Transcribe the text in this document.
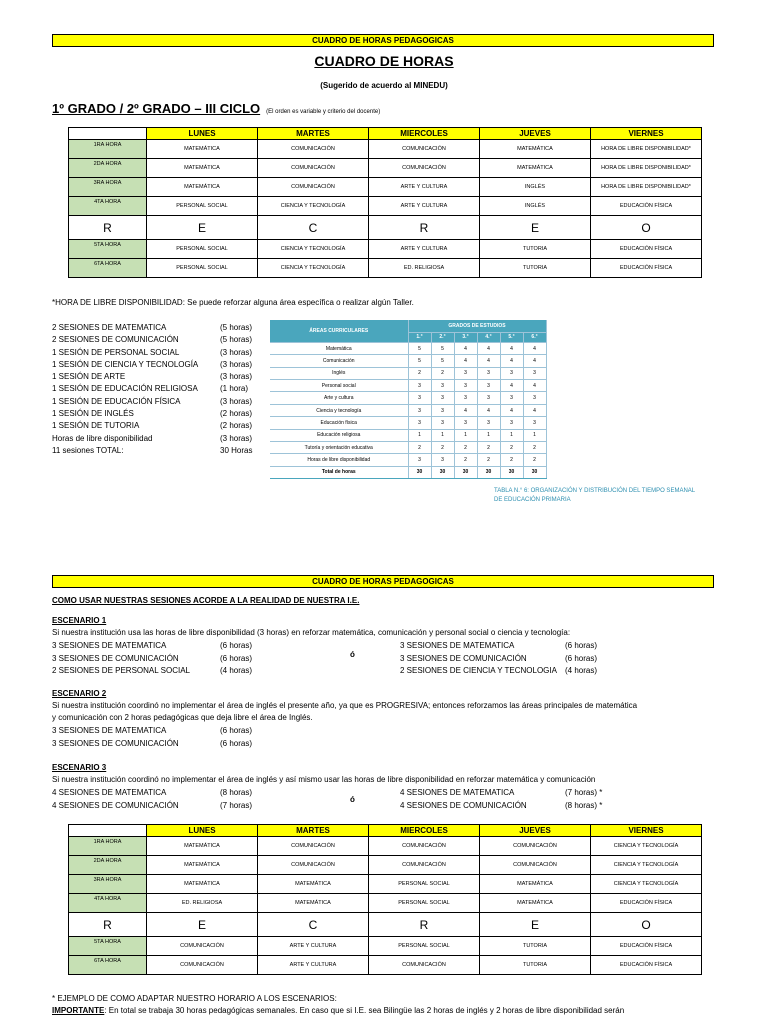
CUADRO DE HORAS PEDAGOGICAS
CUADRO DE HORAS
(Sugerido de acuerdo al MINEDU)
1º GRADO / 2º GRADO – III CICLO (El orden es variable y criterio del docente)
	LUNES	MARTES	MIERCOLES	JUEVES	VIERNES
1RA HORA	MATEMÁTICA	COMUNICACIÓN	COMUNICACIÓN	MATEMÁTICA	HORA DE LIBRE DISPONIBILIDAD*
2DA HORA	MATEMÁTICA	COMUNICACIÓN	COMUNICACIÓN	MATEMÁTICA	HORA DE LIBRE DISPONIBILIDAD*
3RA HORA	MATEMÁTICA	COMUNICACIÓN	ARTE Y CULTURA	INGLÉS	HORA DE LIBRE DISPONIBILIDAD*
4TA HORA	PERSONAL SOCIAL	CIENCIA Y TECNOLOGÍA	ARTE Y CULTURA	INGLÉS	EDUCACIÓN FÍSICA
R	E	C	R	E	O
5TA HORA	PERSONAL SOCIAL	CIENCIA Y TECNOLOGÍA	ARTE Y CULTURA	TUTORIA	EDUCACIÓN FÍSICA
6TA HORA	PERSONAL SOCIAL	CIENCIA Y TECNOLOGÍA	ED. RELIGIOSA	TUTORIA	EDUCACIÓN FÍSICA
*HORA DE LIBRE DISPONIBILIDAD: Se puede reforzar alguna área específica o realizar algún Taller.
2 SESIONES DE MATEMATICA	(5 horas)
2 SESIONES DE COMUNICACIÓN	(5 horas)
1 SESIÓN DE PERSONAL SOCIAL	(3 horas)
1 SESIÓN DE CIENCIA Y TECNOLOGÍA	(3 horas)
1 SESIÓN DE ARTE	(3 horas)
1 SESIÓN DE EDUCACIÓN RELIGIOSA	(1 hora)
1 SESIÓN DE EDUCACIÓN FÍSICA	(3 horas)
1 SESIÓN DE INGLÉS	(2 horas)
1 SESIÓN DE TUTORIA	(2 horas)
Horas de libre disponibilidad	(3 horas)
11 sesiones TOTAL:	30 Horas
ÁREAS CURRICULARES	GRADOS DE ESTUDIOS					
	1.°	2.°	3.°	4.°	5.°	6.°
Matemática	5	5	4	4	4	4
Comunicación	5	5	4	4	4	4
Inglés	2	2	3	3	3	3
Personal social	3	3	3	3	4	4
Arte y cultura	3	3	3	3	3	3
Ciencia y tecnología	3	3	4	4	4	4
Educación física	3	3	3	3	3	3
Educación religiosa	1	1	1	1	1	1
Tutoría y orientación educativa	2	2	2	2	2	2
Horas de libre disponibilidad	3	3	2	2	2	2
Total de horas	30	30	30	30	30	30
TABLA N.° 6: ORGANIZACIÓN Y DISTRIBUCIÓN DEL TIEMPO SEMANAL
DE EDUCACIÓN PRIMARIA
CUADRO DE HORAS PEDAGOGICAS
COMO USAR NUESTRAS SESIONES ACORDE A LA REALIDAD DE NUESTRA I.E.
ESCENARIO 1
Si nuestra institución usa las horas de libre disponibilidad (3 horas) en reforzar matemática, comunicación y personal social o ciencia y tecnología:
3 SESIONES DE MATEMATICA	(6 horas)
3 SESIONES DE COMUNICACIÓN	(6 horas)
2 SESIONES DE PERSONAL SOCIAL	(4 horas)
ó
3 SESIONES DE MATEMATICA	(6 horas)
3 SESIONES DE COMUNICACIÓN	(6 horas)
2 SESIONES DE CIENCIA Y TECNOLOGIA (4 horas)
ESCENARIO 2
Si nuestra institución coordinó no implementar el área de inglés el presente año, ya que es PROGRESIVA; entonces reforzamos las áreas principales de matemática
y comunicación con 2 horas pedagógicas que deja libre el área de Inglés.
3 SESIONES DE MATEMATICA	(6 horas)
3 SESIONES DE COMUNICACIÓN	(6 horas)
ESCENARIO 3
Si nuestra institución coordinó no implementar el área de inglés y así mismo usar las horas de libre disponibilidad en reforzar matemática y comunicación
4 SESIONES DE MATEMATICA	(8 horas)
4 SESIONES DE COMUNICACIÓN	(7 horas)
ó
4 SESIONES DE MATEMATICA	(7 horas) *
4 SESIONES DE COMUNICACIÓN	(8 horas) *
	LUNES	MARTES	MIERCOLES	JUEVES	VIERNES
1RA HORA	MATEMÁTICA	COMUNICACIÓN	COMUNICACIÓN	COMUNICACIÓN	CIENCIA Y TECNOLOGÍA
2DA HORA	MATEMÁTICA	COMUNICACIÓN	COMUNICACIÓN	COMUNICACIÓN	CIENCIA Y TECNOLOGÍA
3RA HORA	MATEMÁTICA	MATEMÁTICA	PERSONAL SOCIAL	MATEMÁTICA	CIENCIA Y TECNOLOGÍA
4TA HORA	ED. RELIGIOSA	MATEMÁTICA	PERSONAL SOCIAL	MATEMÁTICA	EDUCACIÓN FÍSICA
R	E	C	R	E	O
5TA HORA	COMUNICACIÓN	ARTE Y CULTURA	PERSONAL SOCIAL	TUTORIA	EDUCACIÓN FÍSICA
6TA HORA	COMUNICACIÓN	ARTE Y CULTURA	COMUNICACIÓN	TUTORIA	EDUCACIÓN FÍSICA
* EJEMPLO DE COMO ADAPTAR NUESTRO HORARIO A LOS ESCENARIOS:
IMPORTANTE: En total se trabaja 30 horas pedagógicas semanales. En caso que si I.E. sea Bilingüe las 2 horas de inglés y 2 horas de libre disponibilidad serán
